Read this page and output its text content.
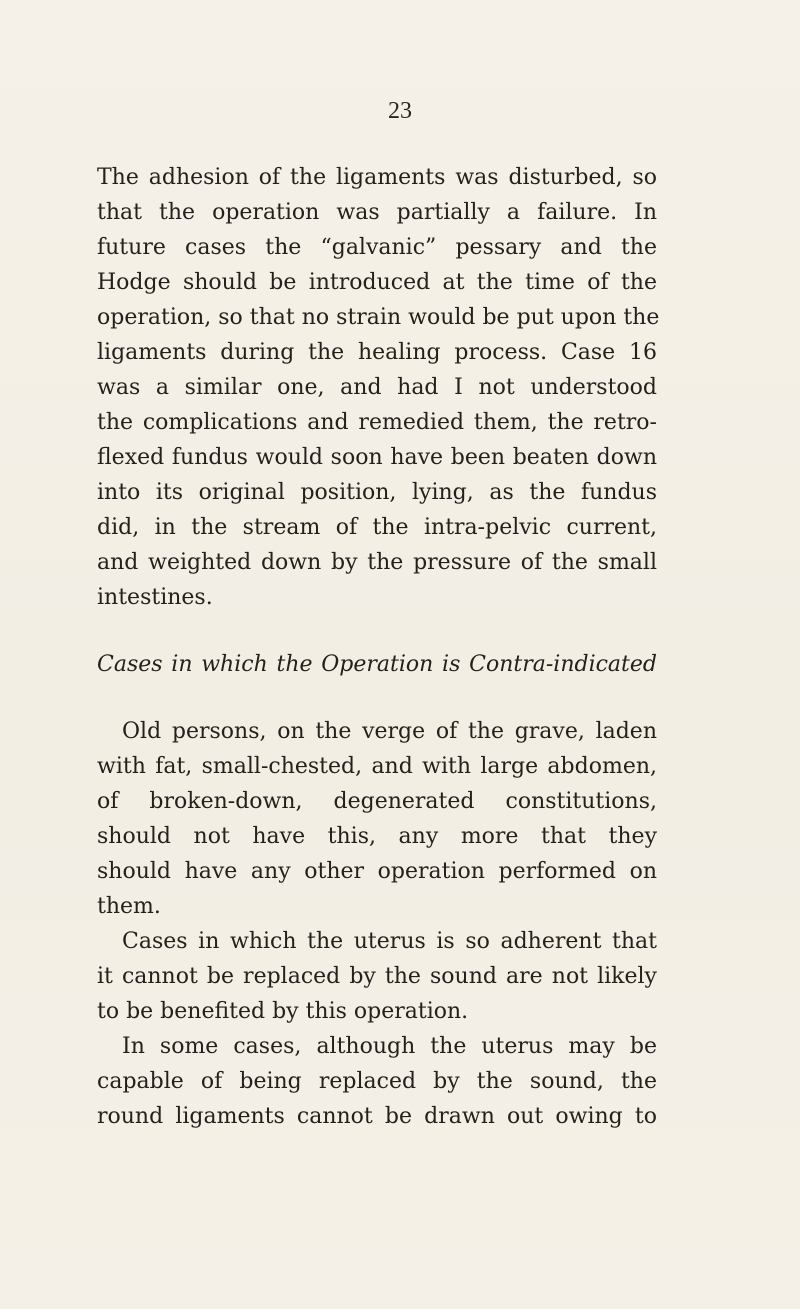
23
The adhesion of the ligaments was disturbed, so
that the operation was partially a failure. In
future cases the “galvanic” pessary and the
Hodge should be introduced at the time of the
operation, so that no strain would be put upon the
ligaments during the healing process. Case 16
was a similar one, and had I not understood
the complications and remedied them, the retro-
flexed fundus would soon have been beaten down
into its original position, lying, as the fundus
did, in the stream of the intra-pelvic current,
and weighted down by the pressure of the small
intestines.
Cases in which the Operation is Contra-indicated
Old persons, on the verge of the grave, laden
with fat, small-chested, and with large abdomen,
of broken-down, degenerated constitutions,
should not have this, any more that they
should have any other operation performed on
them.
Cases in which the uterus is so adherent that
it cannot be replaced by the sound are not likely
to be benefited by this operation.
In some cases, although the uterus may be
capable of being replaced by the sound, the
round ligaments cannot be drawn out owing to
